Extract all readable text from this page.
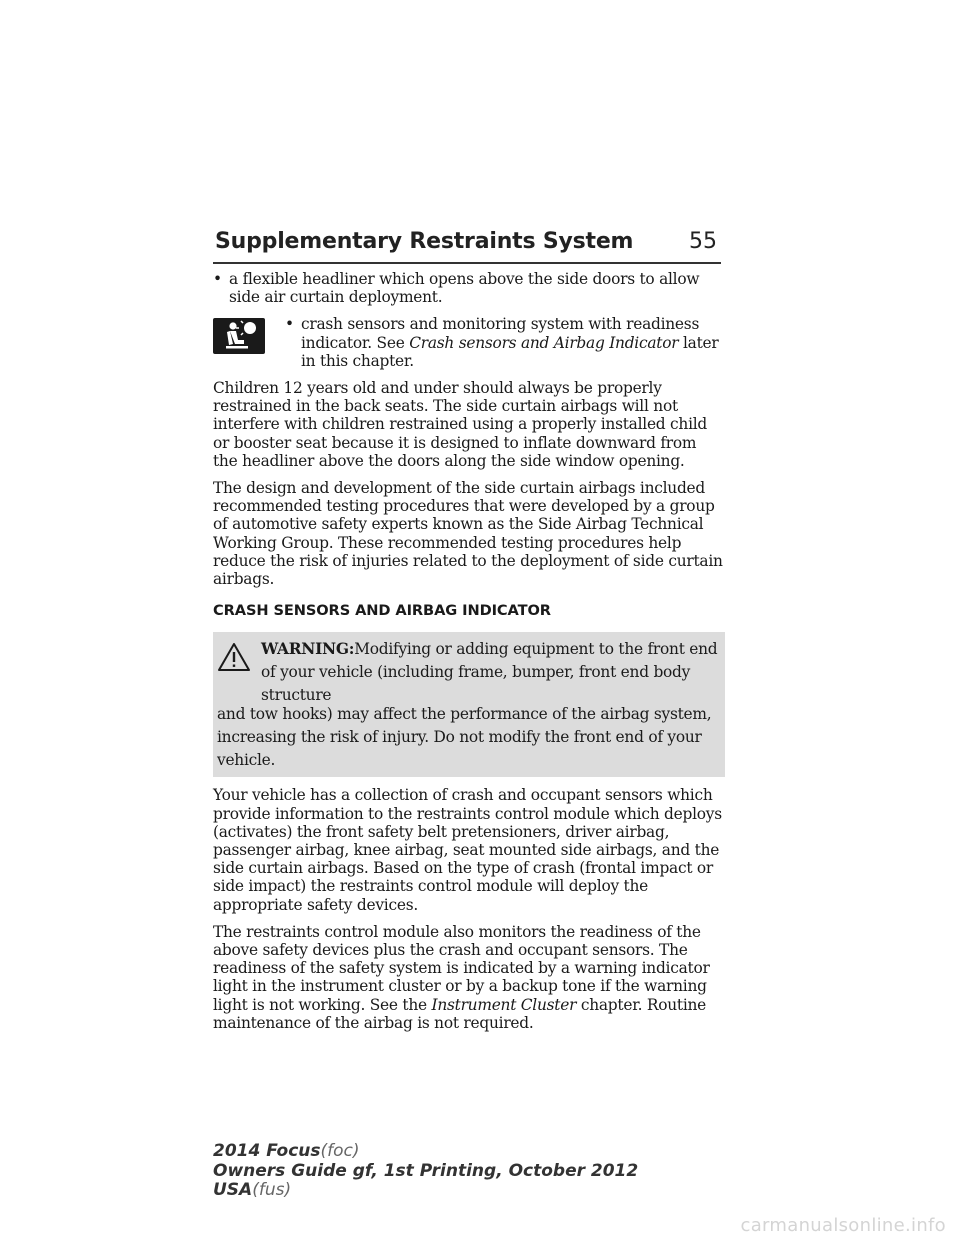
Supplementary Restraints System	55
• a flexible headliner which opens above the side doors to allow side air curtain deployment.
• crash sensors and monitoring system with readiness indicator. See Crash sensors and Airbag Indicator later in this chapter.

Children 12 years old and under should always be properly restrained in the back seats. The side curtain airbags will not interfere with children restrained using a properly installed child or booster seat because it is designed to inflate downward from the headliner above the doors along the side window opening.

The design and development of the side curtain airbags included recommended testing procedures that were developed by a group of automotive safety experts known as the Side Airbag Technical Working Group. These recommended testing procedures help reduce the risk of injuries related to the deployment of side curtain airbags.

CRASH SENSORS AND AIRBAG INDICATOR
WARNING:Modifying or adding equipment to the front end of your vehicle (including frame, bumper, front end body structure
and tow hooks) may affect the performance of the airbag system, increasing the risk of injury. Do not modify the front end of your vehicle.

Your vehicle has a collection of crash and occupant sensors which provide information to the restraints control module which deploys (activates) the front safety belt pretensioners, driver airbag, passenger airbag, knee airbag, seat mounted side airbags, and the side curtain airbags. Based on the type of crash (frontal impact or side impact) the restraints control module will deploy the appropriate safety devices.

The restraints control module also monitors the readiness of the above safety devices plus the crash and occupant sensors. The readiness of the safety system is indicated by a warning indicator light in the instrument cluster or by a backup tone if the warning light is not working. See the Instrument Cluster chapter. Routine maintenance of the airbag is not required.

2014 Focus(foc)
Owners Guide gf, 1st Printing, October 2012
USA(fus)
carmanualsonline.info
